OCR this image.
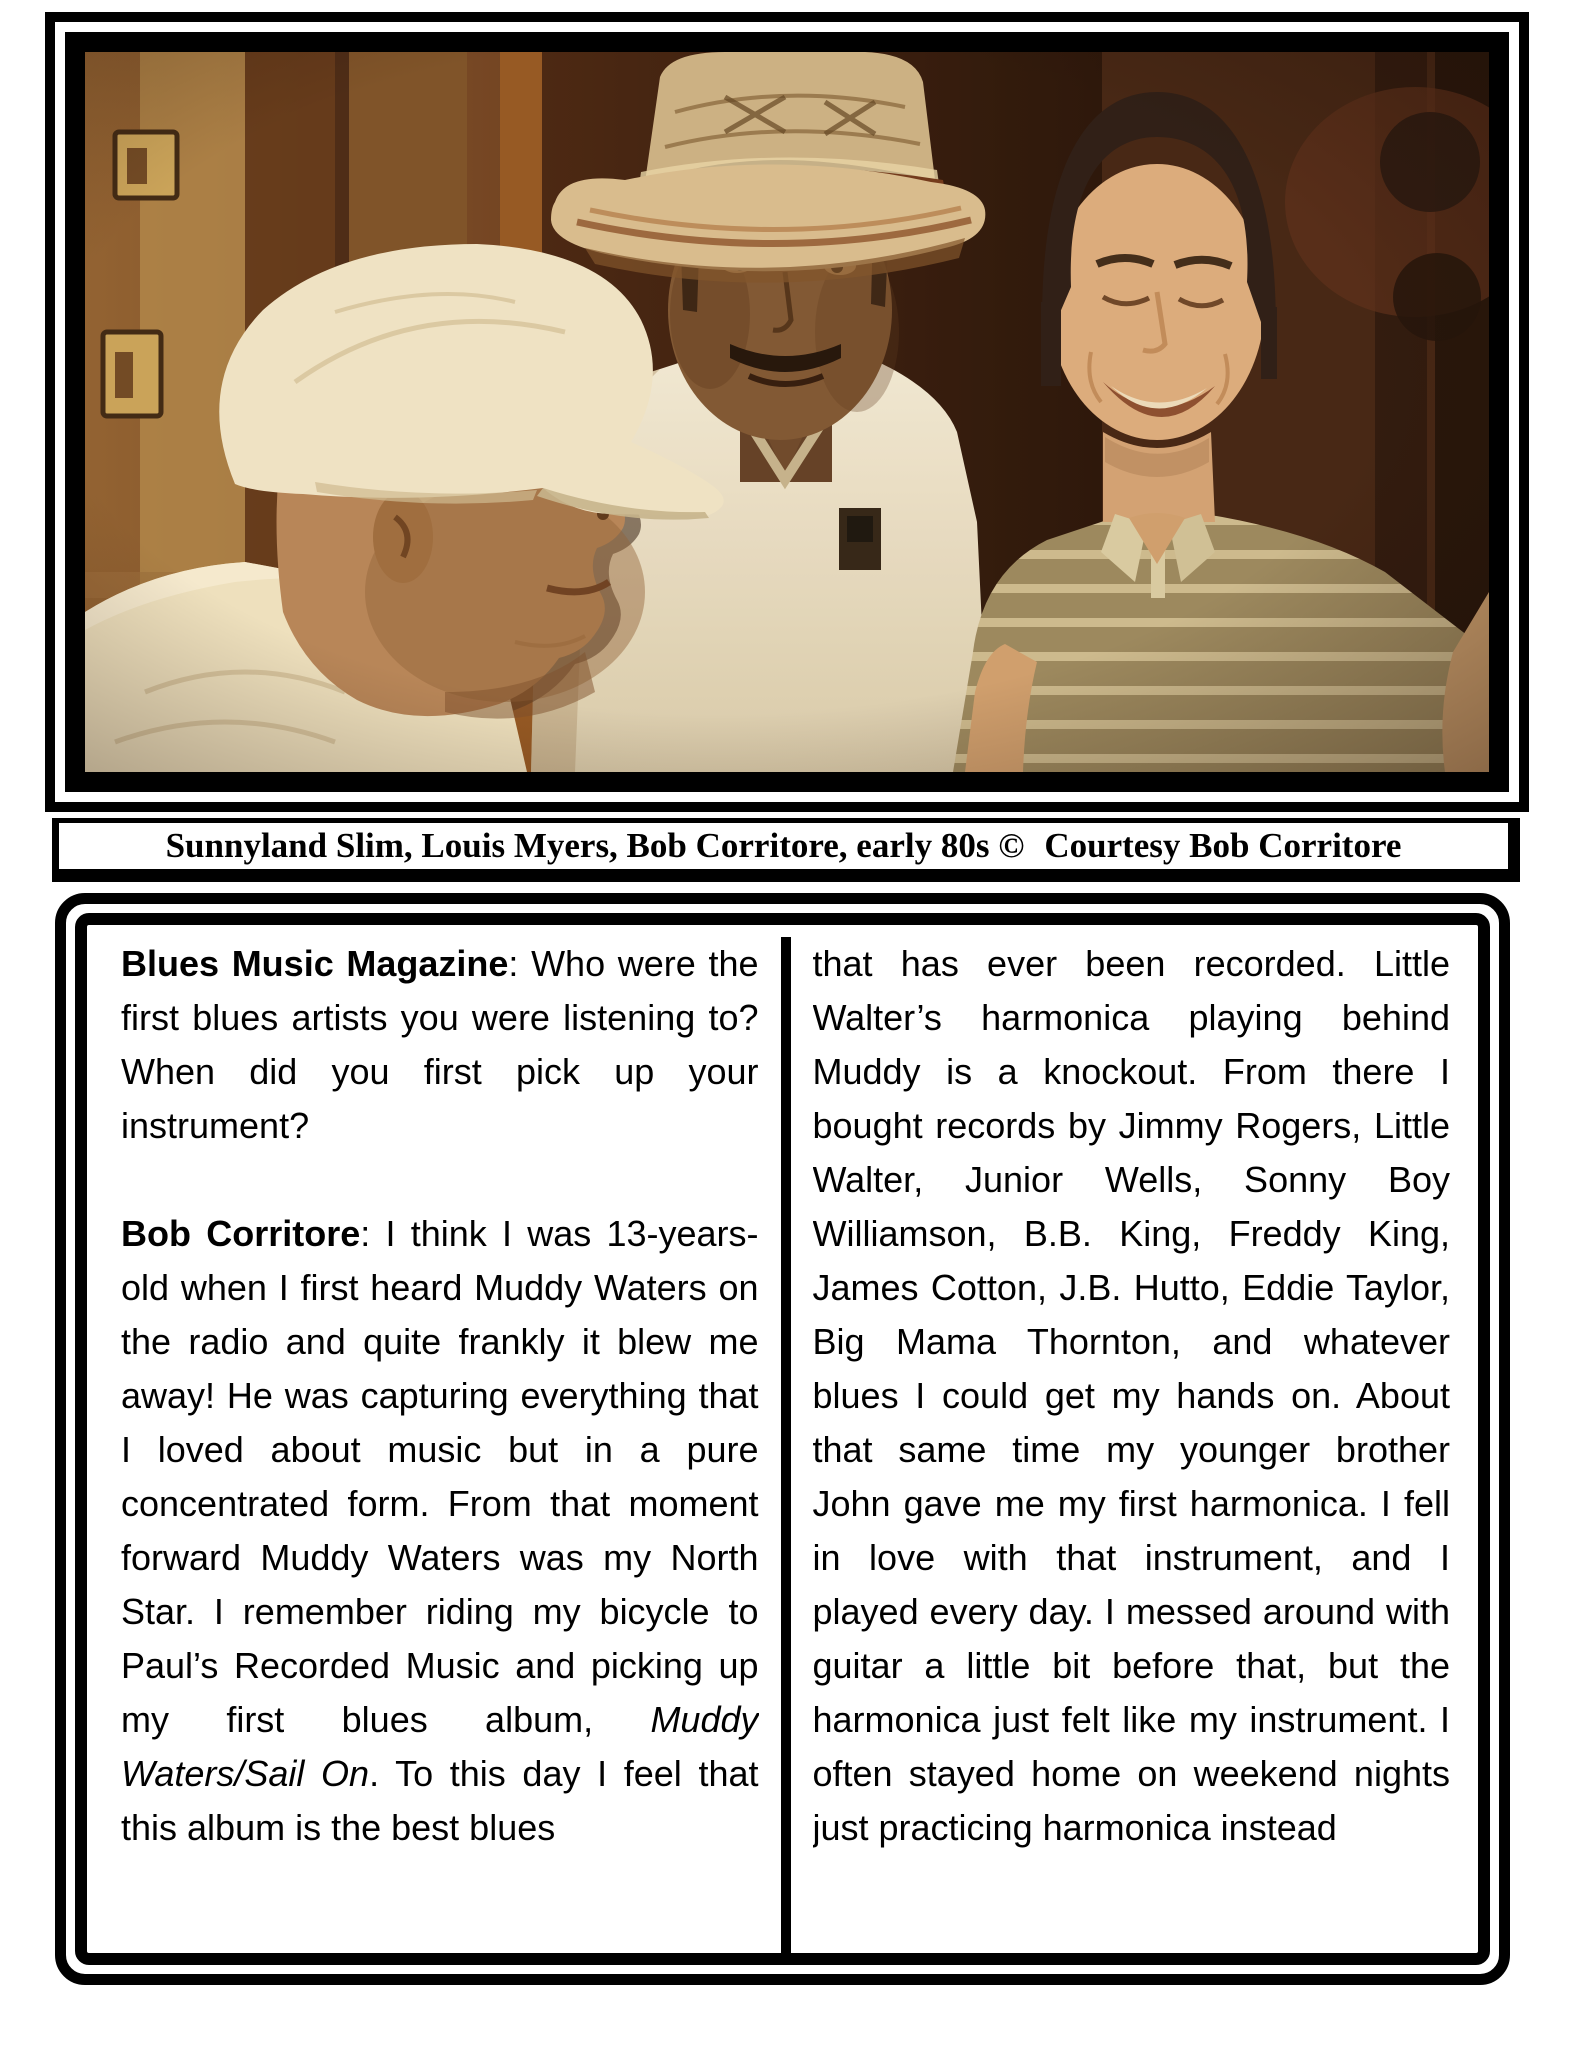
Sunnyland Slim, Louis Myers, Bob Corritore, early 80s © Courtesy Bob Corritore

Blues Music Magazine: Who were the first blues artists you were listening to? When did you first pick up your instrument?

Bob Corritore: I think I was 13-years-old when I first heard Muddy Waters on the radio and quite frankly it blew me away! He was capturing everything that I loved about music but in a pure concentrated form. From that moment forward Muddy Waters was my North Star. I remember riding my bicycle to Paul’s Recorded Music and picking up my first blues album, Muddy Waters/Sail On. To this day I feel that this album is the best blues

that has ever been recorded. Little Walter’s harmonica playing behind Muddy is a knockout. From there I bought records by Jimmy Rogers, Little Walter, Junior Wells, Sonny Boy Williamson, B.B. King, Freddy King, James Cotton, J.B. Hutto, Eddie Taylor, Big Mama Thornton, and whatever blues I could get my hands on. About that same time my younger brother John gave me my first harmonica. I fell in love with that instrument, and I played every day. I messed around with guitar a little bit before that, but the harmonica just felt like my instrument. I often stayed home on weekend nights just practicing harmonica instead
